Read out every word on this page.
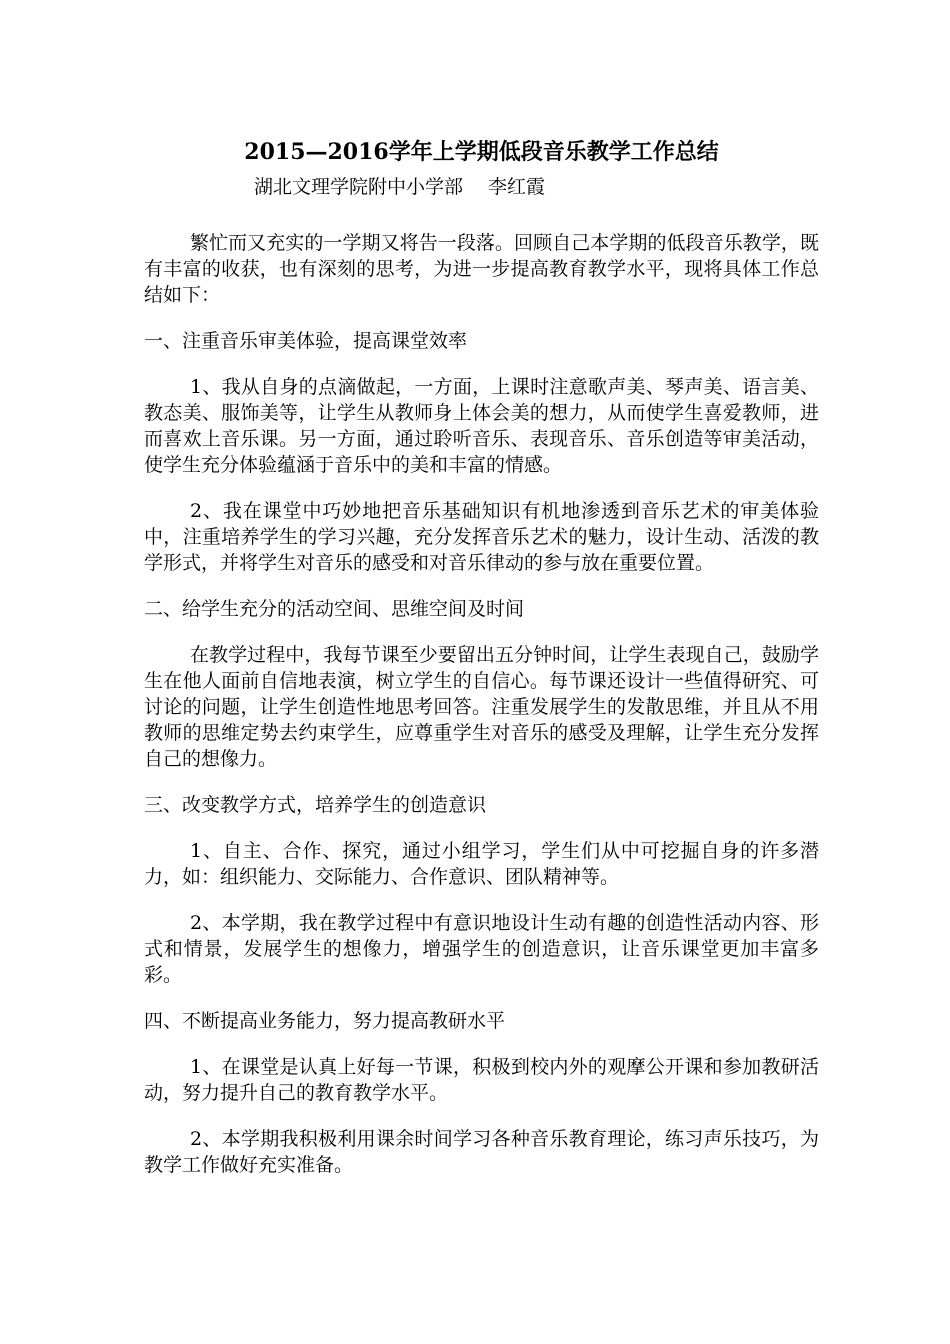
2015—2016学年上学期低段音乐教学工作总结
湖北文理学院附中小学部　 李红霞

繁忙而又充实的一学期又将告一段落。回顾自己本学期的低段音乐教学，既有丰富的收获，也有深刻的思考，为进一步提高教育教学水平，现将具体工作总结如下：

一、注重音乐审美体验，提高课堂效率

1、我从自身的点滴做起，一方面，上课时注意歌声美、琴声美、语言美、教态美、服饰美等，让学生从教师身上体会美的想力，从而使学生喜爱教师，进而喜欢上音乐课。另一方面，通过聆听音乐、表现音乐、音乐创造等审美活动，使学生充分体验蕴涵于音乐中的美和丰富的情感。

2、我在课堂中巧妙地把音乐基础知识有机地渗透到音乐艺术的审美体验中，注重培养学生的学习兴趣，充分发挥音乐艺术的魅力，设计生动、活泼的教学形式，并将学生对音乐的感受和对音乐律动的参与放在重要位置。

二、给学生充分的活动空间、思维空间及时间

在教学过程中，我每节课至少要留出五分钟时间，让学生表现自己，鼓励学生在他人面前自信地表演，树立学生的自信心。每节课还设计一些值得研究、可讨论的问题，让学生创造性地思考回答。注重发展学生的发散思维，并且从不用教师的思维定势去约束学生，应尊重学生对音乐的感受及理解，让学生充分发挥自己的想像力。

三、改变教学方式，培养学生的创造意识

1、自主、合作、探究，通过小组学习，学生们从中可挖掘自身的许多潜力，如：组织能力、交际能力、合作意识、团队精神等。

2、本学期，我在教学过程中有意识地设计生动有趣的创造性活动内容、形式和情景，发展学生的想像力，增强学生的创造意识，让音乐课堂更加丰富多彩。

四、不断提高业务能力，努力提高教研水平

1、在课堂是认真上好每一节课，积极到校内外的观摩公开课和参加教研活动，努力提升自己的教育教学水平。

2、本学期我积极利用课余时间学习各种音乐教育理论，练习声乐技巧，为教学工作做好充实准备。
